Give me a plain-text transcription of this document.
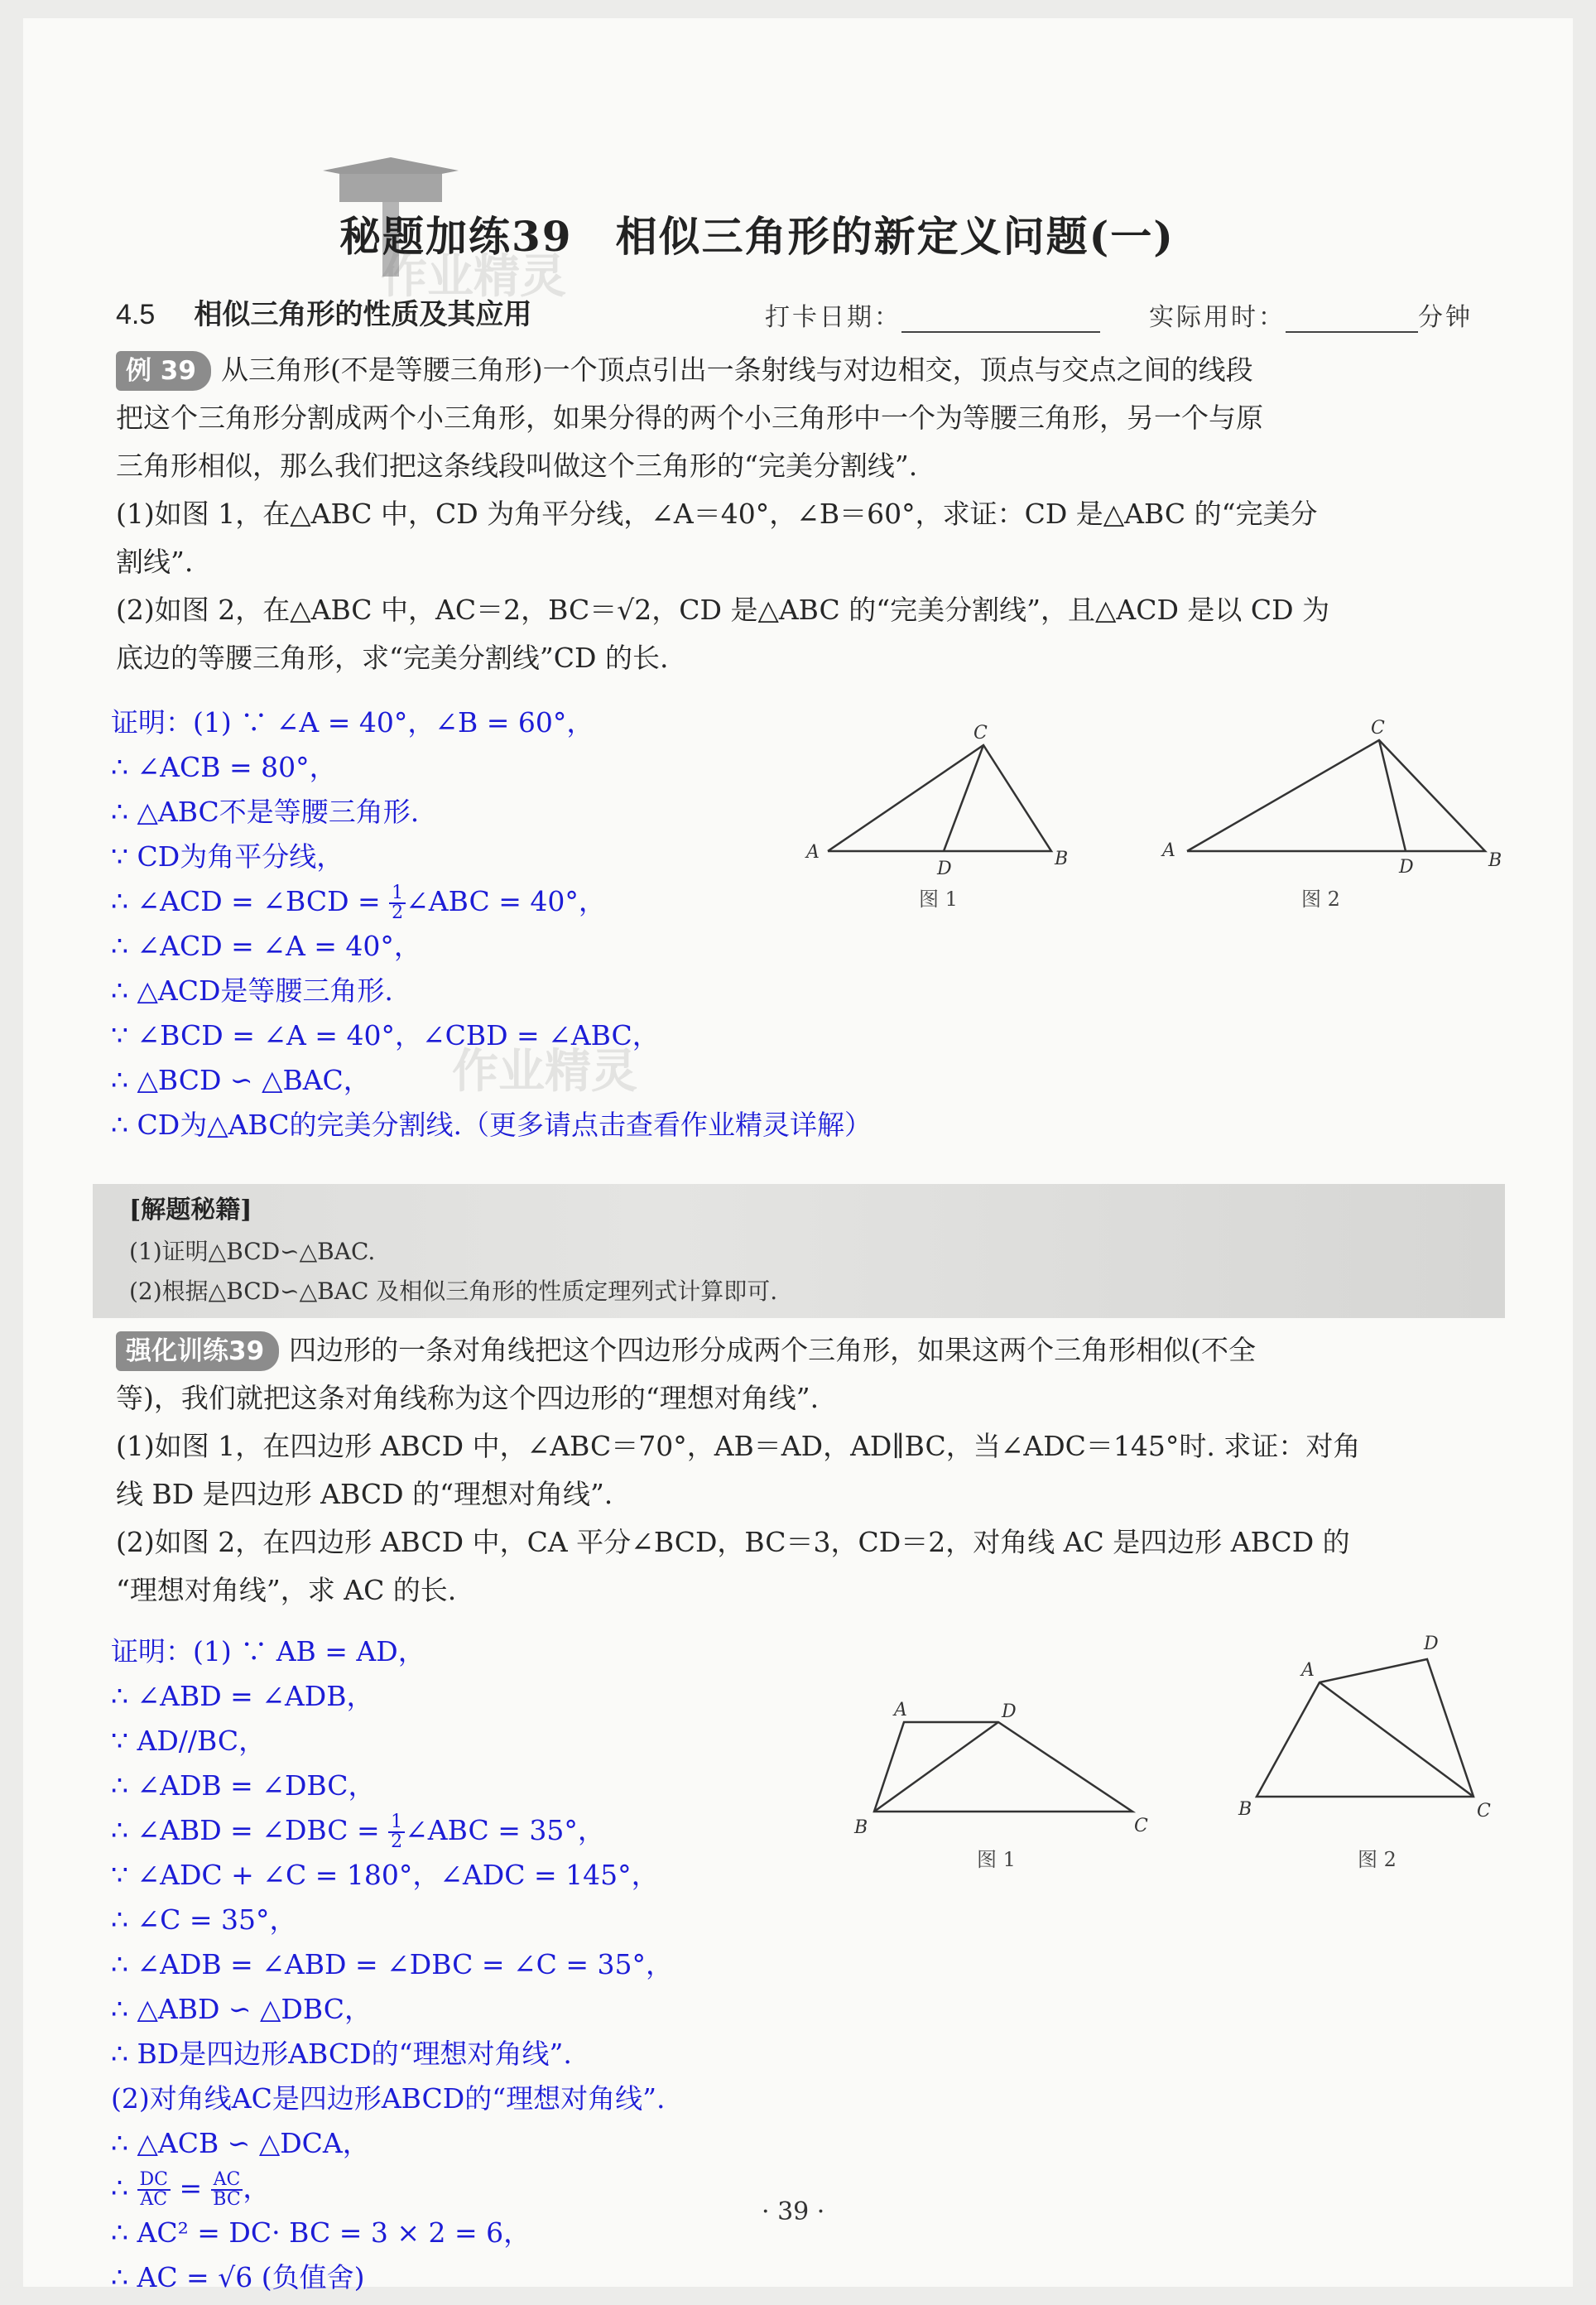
秘题加练39　相似三角形的新定义问题(一)
作业精灵
4.5 相似三角形的性质及其应用	打卡日期：	实际用时：	分钟
例 39 从三角形(不是等腰三角形)一个顶点引出一条射线与对边相交，顶点与交点之间的线段
把这个三角形分割成两个小三角形，如果分得的两个小三角形中一个为等腰三角形，另一个与原
三角形相似，那么我们把这条线段叫做这个三角形的“完美分割线”.
(1)如图 1，在△ABC 中，CD 为角平分线，∠A＝40°，∠B＝60°，求证：CD 是△ABC 的“完美分
割线”.
(2)如图 2，在△ABC 中，AC＝2，BC＝√2，CD 是△ABC 的“完美分割线”，且△ACD 是以 CD 为
底边的等腰三角形，求“完美分割线”CD 的长.
证明：(1) ∵ ∠A = 40°，∠B = 60°，
∴ ∠ACB = 80°，
∴ △ABC不是等腰三角形.
∵ CD为角平分线，
∴ ∠ACD = ∠BCD = $\frac{1}{2}$ ∠ABC = 40°，
∴ ∠ACD = ∠A = 40°，
∴ △ACD是等腰三角形.
∵ ∠BCD = ∠A = 40°，∠CBD = ∠ABC，
∴ △BCD ∽ △BAC，
∴ CD为△ABC的完美分割线.（更多请点击查看作业精灵详解）
作业精灵
C
A
D	B
图 1
C
A
D	B
图 2
[解题秘籍]
(1)证明△BCD∽△BAC.
(2)根据△BCD∽△BAC 及相似三角形的性质定理列式计算即可.
强化训练39 四边形的一条对角线把这个四边形分成两个三角形，如果这两个三角形相似(不全
等)，我们就把这条对角线称为这个四边形的“理想对角线”.
(1)如图 1，在四边形 ABCD 中，∠ABC＝70°，AB＝AD，AD∥BC，当∠ADC＝145°时. 求证：对角
线 BD 是四边形 ABCD 的“理想对角线”.
(2)如图 2，在四边形 ABCD 中，CA 平分∠BCD，BC＝3，CD＝2，对角线 AC 是四边形 ABCD 的
“理想对角线”，求 AC 的长.
证明：(1) ∵ AB = AD，
∴ ∠ABD = ∠ADB，
∵ AD//BC，
∴ ∠ADB = ∠DBC，
∴ ∠ABD = ∠DBC = $\frac{1}{2}$ ∠ABC = 35°，
∵ ∠ADC + ∠C = 180°，∠ADC = 145°，
∴ ∠C = 35°，
∴ ∠ADB = ∠ABD = ∠DBC = ∠C = 35°，
∴ △ABD ∽ △DBC，
∴ BD是四边形ABCD的“理想对角线”.
(2)对角线AC是四边形ABCD的“理想对角线”.
∴ △ACB ∽ △DCA，
∴ $\frac{DC}{AC} = \frac{AC}{BC}$ ，
∴ AC² = DC· BC = 3 × 2 = 6，
∴ AC = √6 (负值舍)
A	D
B	C
图 1
A
D
B	C
图 2
· 39 ·
